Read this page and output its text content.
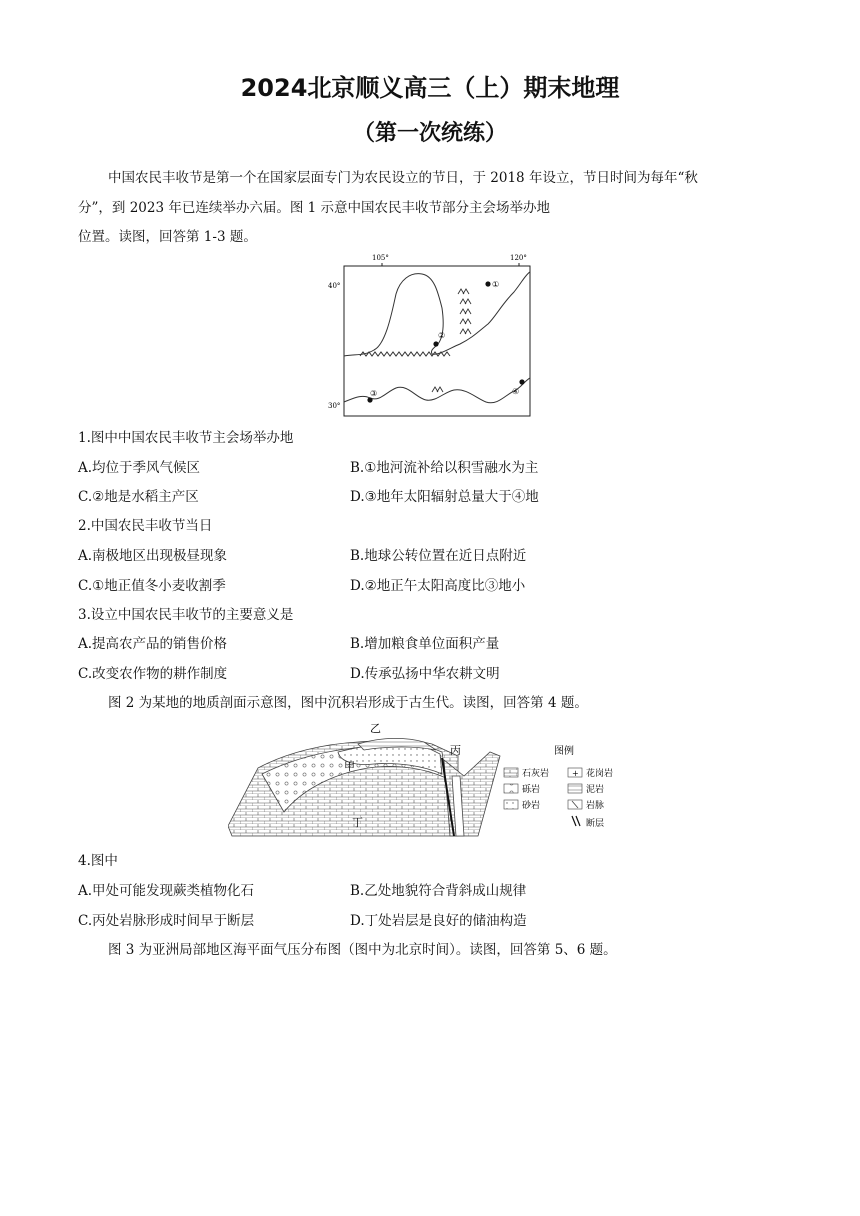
2024北京顺义高三（上）期末地理
（第一次统练）
中国农民丰收节是第一个在国家层面专门为农民设立的节日，于 2018 年设立，节日时间为每年“秋
分”，到 2023 年已连续举办六届。图 1 示意中国农民丰收节部分主会场举办地
位置。读图，回答第 1-3 题。
105°	120°
40°
30°
①
②
③	④
1.图中中国农民丰收节主会场举办地
A.均位于季风气候区	B.①地河流补给以积雪融水为主
C.②地是水稻主产区	D.③地年太阳辐射总量大于④地
2.中国农民丰收节当日
A.南极地区出现极昼现象	B.地球公转位置在近日点附近
C.①地正值冬小麦收割季	D.②地正午太阳高度比③地小
3.设立中国农民丰收节的主要意义是
A.提高农产品的销售价格	B.增加粮食单位面积产量
C.改变农作物的耕作制度	D.传承弘扬中华农耕文明
图 2 为某地的地质剖面示意图，图中沉积岩形成于古生代。读图，回答第 4 题。
乙
甲
丙
丁
图例
石灰岩	+ 花岗岩
砾岩	泥岩
砂岩	岩脉
断层
4.图中
A.甲处可能发现蕨类植物化石	B.乙处地貌符合背斜成山规律
C.丙处岩脉形成时间早于断层	D.丁处岩层是良好的储油构造
图 3 为亚洲局部地区海平面气压分布图（图中为北京时间）。读图，回答第 5、6 题。
